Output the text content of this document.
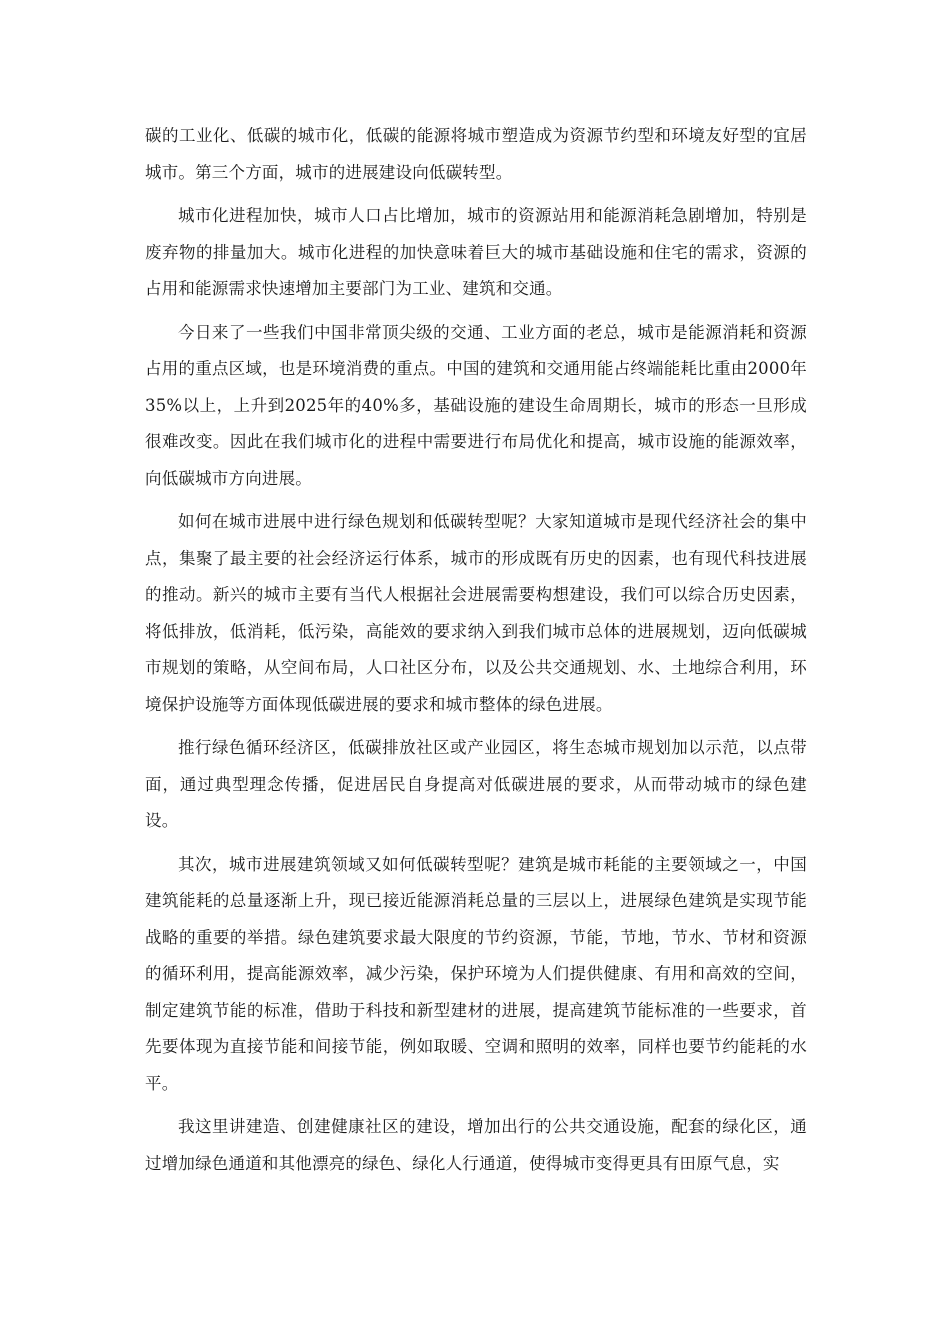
碳的工业化、低碳的城市化，低碳的能源将城市塑造成为资源节约型和环境友好型的宜居城市。第三个方面，城市的进展建设向低碳转型。

城市化进程加快，城市人口占比增加，城市的资源站用和能源消耗急剧增加，特别是废弃物的排量加大。城市化进程的加快意味着巨大的城市基础设施和住宅的需求，资源的占用和能源需求快速增加主要部门为工业、建筑和交通。

今日来了一些我们中国非常顶尖级的交通、工业方面的老总，城市是能源消耗和资源占用的重点区域，也是环境消费的重点。中国的建筑和交通用能占终端能耗比重由2000年35%以上，上升到2025年的40%多，基础设施的建设生命周期长，城市的形态一旦形成很难改变。因此在我们城市化的进程中需要进行布局优化和提高，城市设施的能源效率，向低碳城市方向进展。

如何在城市进展中进行绿色规划和低碳转型呢？大家知道城市是现代经济社会的集中点，集聚了最主要的社会经济运行体系，城市的形成既有历史的因素，也有现代科技进展的推动。新兴的城市主要有当代人根据社会进展需要构想建设，我们可以综合历史因素，将低排放，低消耗，低污染，高能效的要求纳入到我们城市总体的进展规划，迈向低碳城市规划的策略，从空间布局，人口社区分布，以及公共交通规划、水、土地综合利用，环境保护设施等方面体现低碳进展的要求和城市整体的绿色进展。

推行绿色循环经济区，低碳排放社区或产业园区，将生态城市规划加以示范，以点带面，通过典型理念传播，促进居民自身提高对低碳进展的要求，从而带动城市的绿色建设。

其次，城市进展建筑领域又如何低碳转型呢？建筑是城市耗能的主要领域之一，中国建筑能耗的总量逐渐上升，现已接近能源消耗总量的三层以上，进展绿色建筑是实现节能战略的重要的举措。绿色建筑要求最大限度的节约资源，节能，节地，节水、节材和资源的循环利用，提高能源效率，减少污染，保护环境为人们提供健康、有用和高效的空间，制定建筑节能的标准，借助于科技和新型建材的进展，提高建筑节能标准的一些要求，首先要体现为直接节能和间接节能，例如取暖、空调和照明的效率，同样也要节约能耗的水平。

我这里讲建造、创建健康社区的建设，增加出行的公共交通设施，配套的绿化区，通过增加绿色通道和其他漂亮的绿色、绿化人行通道，使得城市变得更具有田原气息，实
